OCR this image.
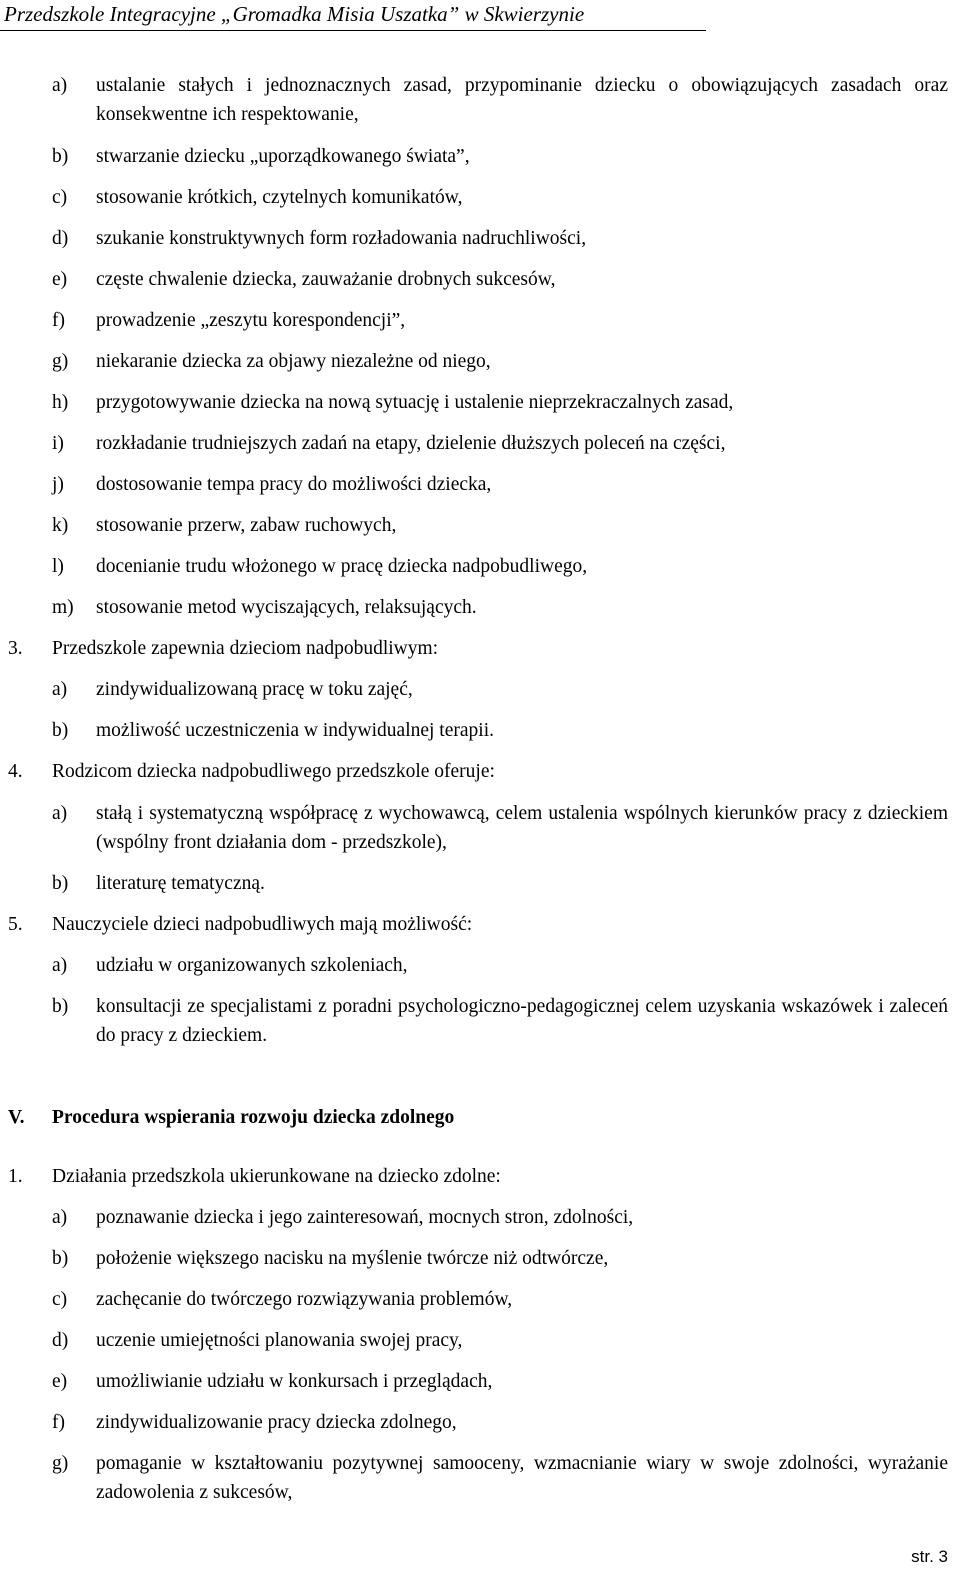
Przedszkole Integracyjne „Gromadka Misia Uszatka” w Skwierzynie
a) ustalanie stałych i jednoznacznych zasad, przypominanie dziecku o obowiązujących zasadach oraz konsekwentne ich respektowanie,
b) stwarzanie dziecku „uporządkowanego świata”,
c) stosowanie krótkich, czytelnych komunikatów,
d) szukanie konstruktywnych form rozładowania nadruchliwości,
e) częste chwalenie dziecka, zauważanie drobnych sukcesów,
f) prowadzenie „zeszytu korespondencji”,
g) niekaranie dziecka za objawy niezależne od niego,
h) przygotowywanie dziecka na nową sytuację i ustalenie nieprzekraczalnych zasad,
i) rozkładanie trudniejszych zadań na etapy, dzielenie dłuższych poleceń na części,
j) dostosowanie tempa pracy do możliwości dziecka,
k) stosowanie przerw, zabaw ruchowych,
l) docenianie trudu włożonego w pracę dziecka nadpobudliwego,
m) stosowanie metod wyciszających, relaksujących.
3. Przedszkole zapewnia dzieciom nadpobudliwym:
a) zindywidualizowaną pracę w toku zajęć,
b) możliwość uczestniczenia w indywidualnej terapii.
4. Rodzicom dziecka nadpobudliwego przedszkole oferuje:
a) stałą i systematyczną współpracę z wychowawcą, celem ustalenia wspólnych kierunków pracy z dzieckiem (wspólny front działania dom - przedszkole),
b) literaturę tematyczną.
5. Nauczyciele dzieci nadpobudliwych mają możliwość:
a) udziału w organizowanych szkoleniach,
b) konsultacji ze specjalistami z poradni psychologiczno-pedagogicznej celem uzyskania wskazówek i zaleceń do pracy z dzieckiem.
V. Procedura wspierania rozwoju dziecka zdolnego
1. Działania przedszkola ukierunkowane na dziecko zdolne:
a) poznawanie dziecka i jego zainteresowań, mocnych stron, zdolności,
b) położenie większego nacisku na myślenie twórcze niż odtwórcze,
c) zachęcanie do twórczego rozwiązywania problemów,
d) uczenie umiejętności planowania swojej pracy,
e) umożliwianie udziału w konkursach i przeglądach,
f) zindywidualizowanie pracy dziecka zdolnego,
g) pomaganie w kształtowaniu pozytywnej samooceny, wzmacnianie wiary w swoje zdolności, wyrażanie zadowolenia z sukcesów,
str. 3
